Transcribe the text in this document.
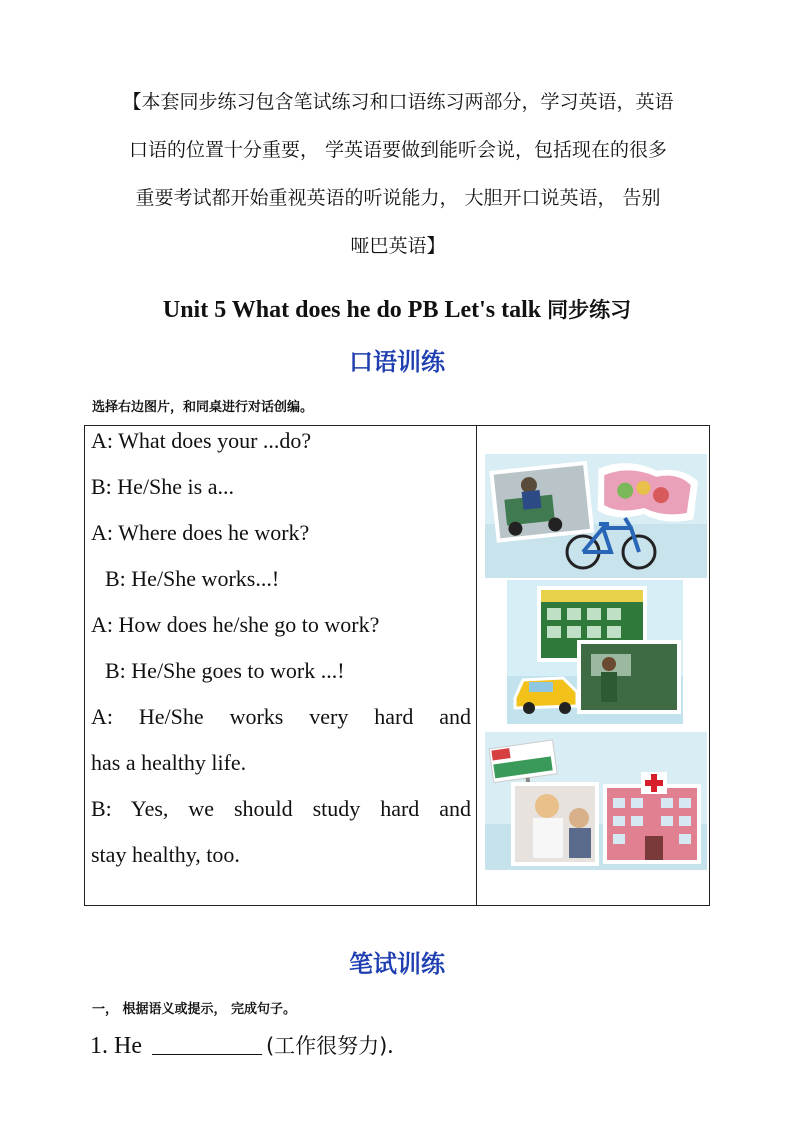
【本套同步练习包含笔试练习和口语练习两部分，学习英语，英语
口语的位置十分重要， 学英语要做到能听会说，包括现在的很多
重要考试都开始重视英语的听说能力， 大胆开口说英语， 告别
哑巴英语】
Unit 5 What does he do PB Let's talk 同步练习
口语训练
选择右边图片，和同桌进行对话创编。
A: What does your ...do?
B: He/She is a...
A: Where does he work?
B: He/She works...!
A: How does he/she go to work?
B: He/She goes to work ...!
A: He/She works very hard and
has a healthy life.
B: Yes, we should study hard and
stay healthy, too.
笔试训练
一， 根据语义或提示， 完成句子。
1. He	(工作很努力).
